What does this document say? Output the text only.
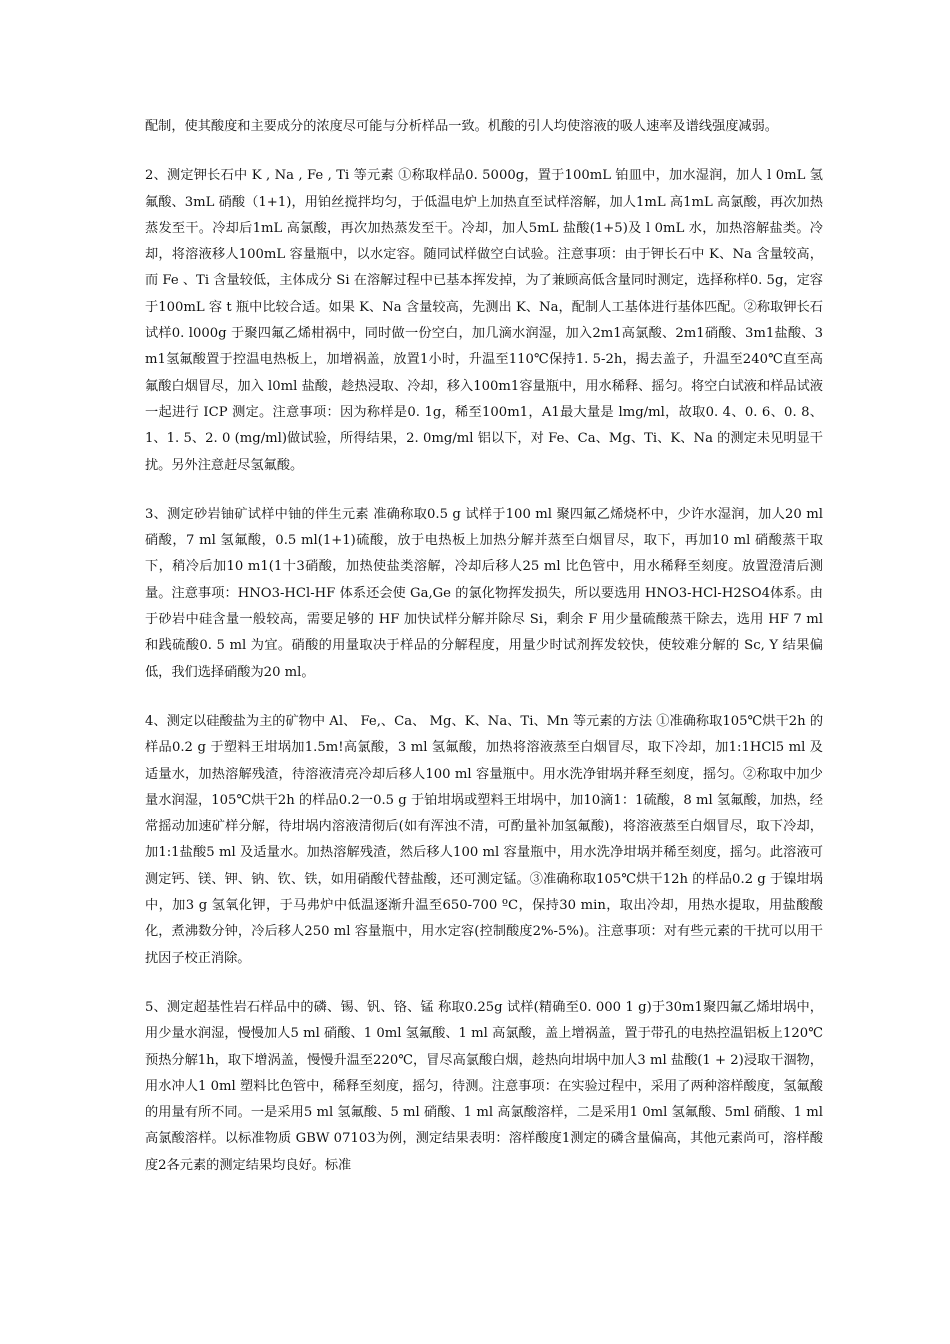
配制，使其酸度和主要成分的浓度尽可能与分析样品一致。机酸的引人均使溶液的吸人速率及谱线强度减弱。

2、测定钾长石中 K , Na , Fe , Ti 等元素 ①称取样品0. 5000g，置于100mL 铂皿中，加水湿润，加人 l 0mL 氢氟酸、3mL 硝酸（1+1)，用铂丝搅拌均匀，于低温电炉上加热直至试样溶解，加人1mL 高1mL 高氯酸，再次加热蒸发至干。冷却后1mL 高氯酸，再次加热蒸发至干。冷却，加人5mL 盐酸(1+5)及 l 0mL 水，加热溶解盐类。冷却，将溶液移人100mL 容量瓶中，以水定容。随同试样做空白试验。注意事项：由于钾长石中 K、Na 含量较高，而 Fe 、Ti 含量较低，主体成分 Si 在溶解过程中已基本挥发掉，为了兼顾高低含量同时测定，选择称样0. 5g，定容于100mL 容 t 瓶中比较合适。如果 K、Na 含量较高，先测出 K、Na，配制人工基体进行基体匹配。②称取钾长石试样0. l000g 于聚四氟乙烯柑祸中，同时做一份空白，加几滴水润湿，加入2m1高氯酸、2m1硝酸、3m1盐酸、3m1氢氟酸置于控温电热板上，加增祸盖，放置1小时，升温至110℃保持1. 5-2h，揭去盖子，升温至240℃直至高氟酸白烟冒尽，加入 l0ml 盐酸，趁热浸取、冷却，移入100m1容量瓶中，用水稀释、摇匀。将空白试液和样品试液一起进行 ICP 测定。注意事项：因为称样是0. 1g，稀至100m1，A1最大量是 lmg/ml，故取0. 4、0. 6、0. 8、1、1. 5、2. 0 (mg/ml)做试验，所得结果，2. 0mg/ml 铝以下，对 Fe、Ca、Mg、Ti、K、Na 的测定未见明显干扰。另外注意赶尽氢氟酸。

3、测定砂岩铀矿试样中铀的伴生元素 准确称取0.5 g 试样于100 ml 聚四氟乙烯烧杯中，少许水湿润，加人20 ml 硝酸，7 ml 氢氟酸，0.5 ml(1+1)硫酸，放于电热板上加热分解并蒸至白烟冒尽，取下，再加10 ml 硝酸蒸干取下，稍冷后加10 m1(1十3硝酸，加热使盐类溶解，冷却后移人25 ml 比色管中，用水稀释至刻度。放置澄清后测量。注意事项：HNO3-HCl-HF 体系还会使 Ga,Ge 的氯化物挥发损失，所以要选用 HNO3-HCl-H2SO4体系。由于砂岩中硅含量一般较高，需要足够的 HF 加快试样分解并除尽 Si，剩余 F 用少量硫酸蒸干除去，选用 HF 7 ml 和践硫酸0. 5 ml 为宜。硝酸的用量取决于样品的分解程度，用量少时试剂挥发较快，使较难分解的 Sc, Y 结果偏低，我们选择硝酸为20 ml。

4、测定以硅酸盐为主的矿物中 Al、 Fe,、Ca、 Mg、K、Na、Ti、Mn 等元素的方法 ①准确称取105℃烘干2h 的样品0.2 g 于塑料王坩埚加1.5m!高氯酸，3 ml 氢氟酸，加热将溶液蒸至白烟冒尽，取下冷却，加1:1HCl5 ml 及适量水，加热溶解残渣，待溶液清亮冷却后移人100 ml 容量瓶中。用水洗净钳埚并释至刻度，摇匀。②称取中加少量水润湿，105℃烘干2h 的样品0.2一0.5 g 于铂坩埚或塑料王坩埚中，加10滴1：1硫酸，8 ml 氢氟酸，加热，经常摇动加速矿样分解，待坩埚内溶液清彻后(如有浑浊不清，可酌量补加氢氟酸)，将溶液蒸至白烟冒尽，取下冷却，加1:1盐酸5 ml 及适量水。加热溶解残渣，然后移人100 ml 容量瓶中，用水洗净坩埚并稀至刻度，摇匀。此溶液可测定钙、镁、钾、钠、钦、铁，如用硝酸代替盐酸，还可测定锰。③准确称取105℃烘干12h 的样品0.2 g 于镍坩埚中，加3 g 氢氧化钾，于马弗炉中低温逐渐升温至650-700 ºC，保持30 min，取出冷却，用热水提取，用盐酸酸化，煮沸数分钟，冷后移人250 ml 容量瓶中，用水定容(控制酸度2%-5%)。注意事项：对有些元素的干扰可以用干扰因子校正消除。

5、测定超基性岩石样品中的磷、锡、钒、铬、锰 称取0.25g 试样(精确至0. 000 1 g)于30m1聚四氟乙烯坩埚中，用少量水润湿，慢慢加人5 ml 硝酸、1 0ml 氢氟酸、1 ml 高氯酸，盖上增祸盖，置于带孔的电热控温铝板上120℃预热分解1h，取下增涡盖，慢慢升温至220℃，冒尽高氯酸白烟，趁热向坩埚中加人3 ml 盐酸(1 + 2)浸取干涸物，用水冲人1 0ml 塑料比色管中，稀释至刻度，摇匀，待测。注意事项：在实验过程中，采用了两种溶样酸度，氢氟酸的用量有所不同。一是采用5 ml 氢氟酸、5 ml 硝酸、1 ml 高氯酸溶样，二是采用1 0ml 氢氟酸、5ml 硝酸、1 ml 高氯酸溶样。以标准物质 GBW 07103为例，测定结果表明：溶样酸度1测定的磷含量偏高，其他元素尚可，溶样酸度2各元素的测定结果均良好。标准
